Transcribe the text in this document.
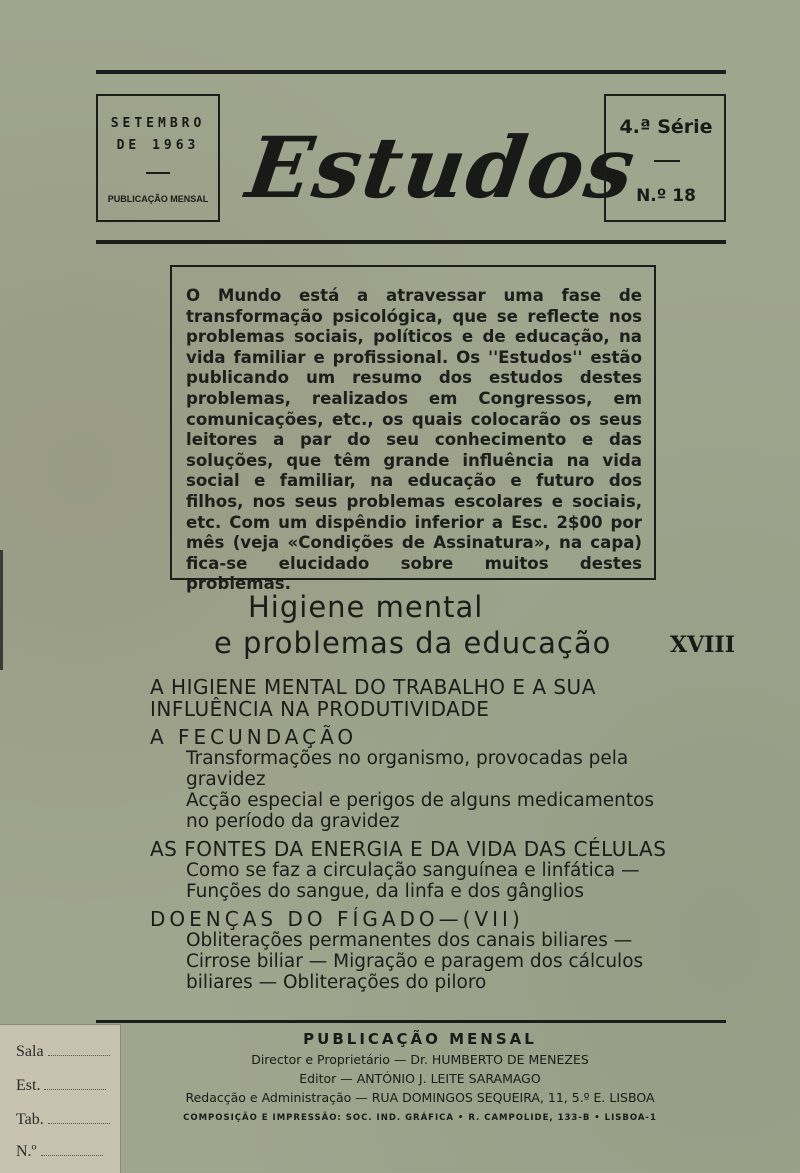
SETEMBRO
DE 1963
PUBLICAÇÃO MENSAL Estudos
4.ª Série
N.º 18
O Mundo está a atravessar uma fase de transformação psicológica, que se reflecte nos problemas sociais, políticos e de educação, na vida familiar e profissional. Os ''Estudos'' estão publicando um resumo dos estudos destes problemas, realizados em Congressos, em comunicações, etc., os quais colocarão os seus leitores a par do seu conhecimento e das soluções, que têm grande influência na vida social e familiar, na educação e futuro dos filhos, nos seus problemas escolares e sociais, etc. Com um dispêndio inferior a Esc. 2$00 por mês (veja «Condições de Assinatura», na capa) fica-se elucidado sobre muitos destes problemas.
Higiene mental
e problemas da educação	XVIII
A HIGIENE MENTAL DO TRABALHO E A SUA INFLUÊNCIA NA PRODUTIVIDADE
A FECUNDAÇÃO
Transformações no organismo, provocadas pela gravidez
Acção especial e perigos de alguns medicamentos no período da gravidez
AS FONTES DA ENERGIA E DA VIDA DAS CÉLULAS
Como se faz a circulação sanguínea e linfática —Funções do sangue, da linfa e dos gânglios
DOENÇAS DO FÍGADO—(VII)
Obliterações permanentes dos canais biliares — Cirrose biliar — Migração e paragem dos cálculos biliares — Obliterações do piloro
PUBLICAÇÃO MENSAL
Director e Proprietário — Dr. HUMBERTO DE MENEZES
Editor — ANTÓNIO J. LEITE SARAMAGO
Redacção e Administração — RUA DOMINGOS SEQUEIRA, 11, 5.º E. LISBOA
COMPOSIÇÃO E IMPRESSÃO: SOC. IND. GRÁFICA • R. CAMPOLIDE, 133-B • LISBOA-1
Sala
Est.
Tab.
N.º
